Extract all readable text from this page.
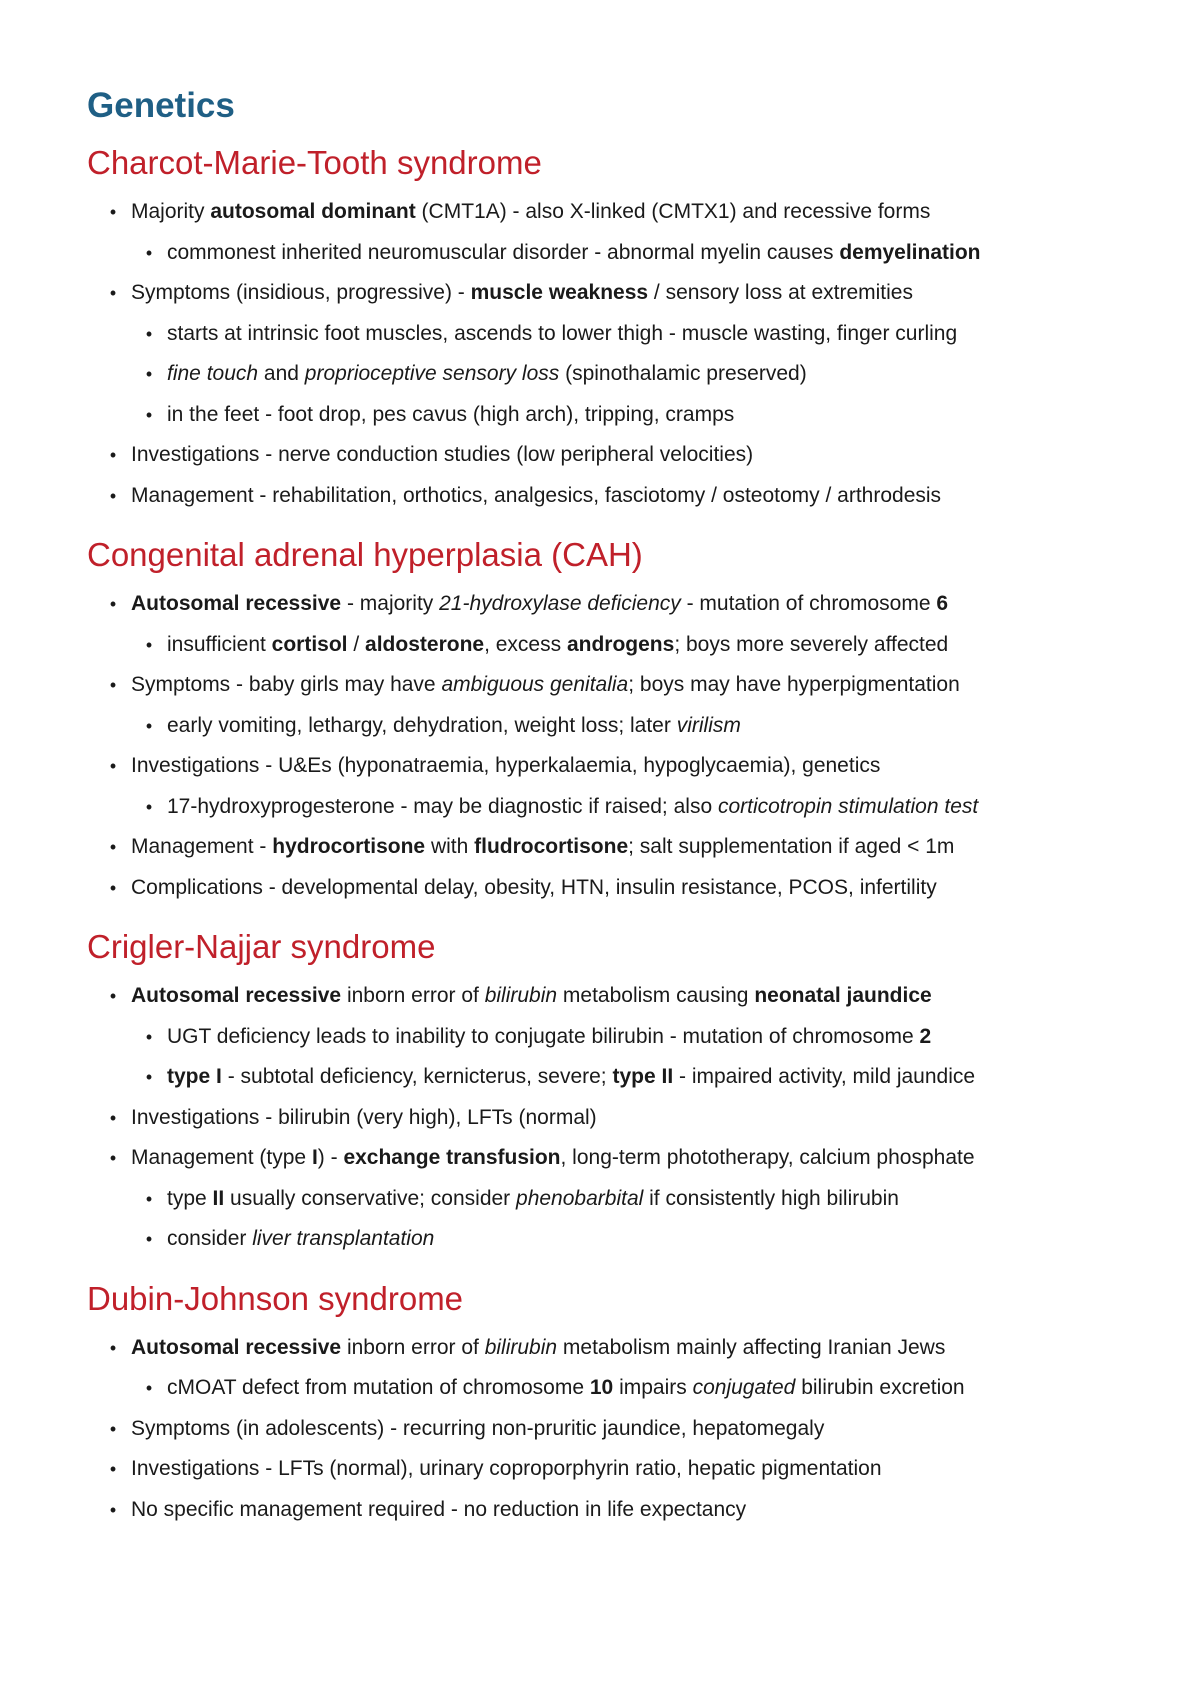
Genetics
Charcot-Marie-Tooth syndrome
• Majority autosomal dominant (CMT1A) - also X-linked (CMTX1) and recessive forms
• commonest inherited neuromuscular disorder - abnormal myelin causes demyelination
• Symptoms (insidious, progressive) - muscle weakness / sensory loss at extremities
• starts at intrinsic foot muscles, ascends to lower thigh - muscle wasting, finger curling
• fine touch and proprioceptive sensory loss (spinothalamic preserved)
• in the feet - foot drop, pes cavus (high arch), tripping, cramps
• Investigations - nerve conduction studies (low peripheral velocities)
• Management - rehabilitation, orthotics, analgesics, fasciotomy / osteotomy / arthrodesis
Congenital adrenal hyperplasia (CAH)
• Autosomal recessive - majority 21-hydroxylase deficiency - mutation of chromosome 6
• insufficient cortisol / aldosterone, excess androgens; boys more severely affected
• Symptoms - baby girls may have ambiguous genitalia; boys may have hyperpigmentation
• early vomiting, lethargy, dehydration, weight loss; later virilism
• Investigations - U&Es (hyponatraemia, hyperkalaemia, hypoglycaemia), genetics
• 17-hydroxyprogesterone - may be diagnostic if raised; also corticotropin stimulation test
• Management - hydrocortisone with fludrocortisone; salt supplementation if aged < 1m
• Complications - developmental delay, obesity, HTN, insulin resistance, PCOS, infertility
Crigler-Najjar syndrome
• Autosomal recessive inborn error of bilirubin metabolism causing neonatal jaundice
• UGT deficiency leads to inability to conjugate bilirubin - mutation of chromosome 2
• type I - subtotal deficiency, kernicterus, severe; type II - impaired activity, mild jaundice
• Investigations - bilirubin (very high), LFTs (normal)
• Management (type I) - exchange transfusion, long-term phototherapy, calcium phosphate
• type II usually conservative; consider phenobarbital if consistently high bilirubin
• consider liver transplantation
Dubin-Johnson syndrome
• Autosomal recessive inborn error of bilirubin metabolism mainly affecting Iranian Jews
• cMOAT defect from mutation of chromosome 10 impairs conjugated bilirubin excretion
• Symptoms (in adolescents) - recurring non-pruritic jaundice, hepatomegaly
• Investigations - LFTs (normal), urinary coproporphyrin ratio, hepatic pigmentation
• No specific management required - no reduction in life expectancy
